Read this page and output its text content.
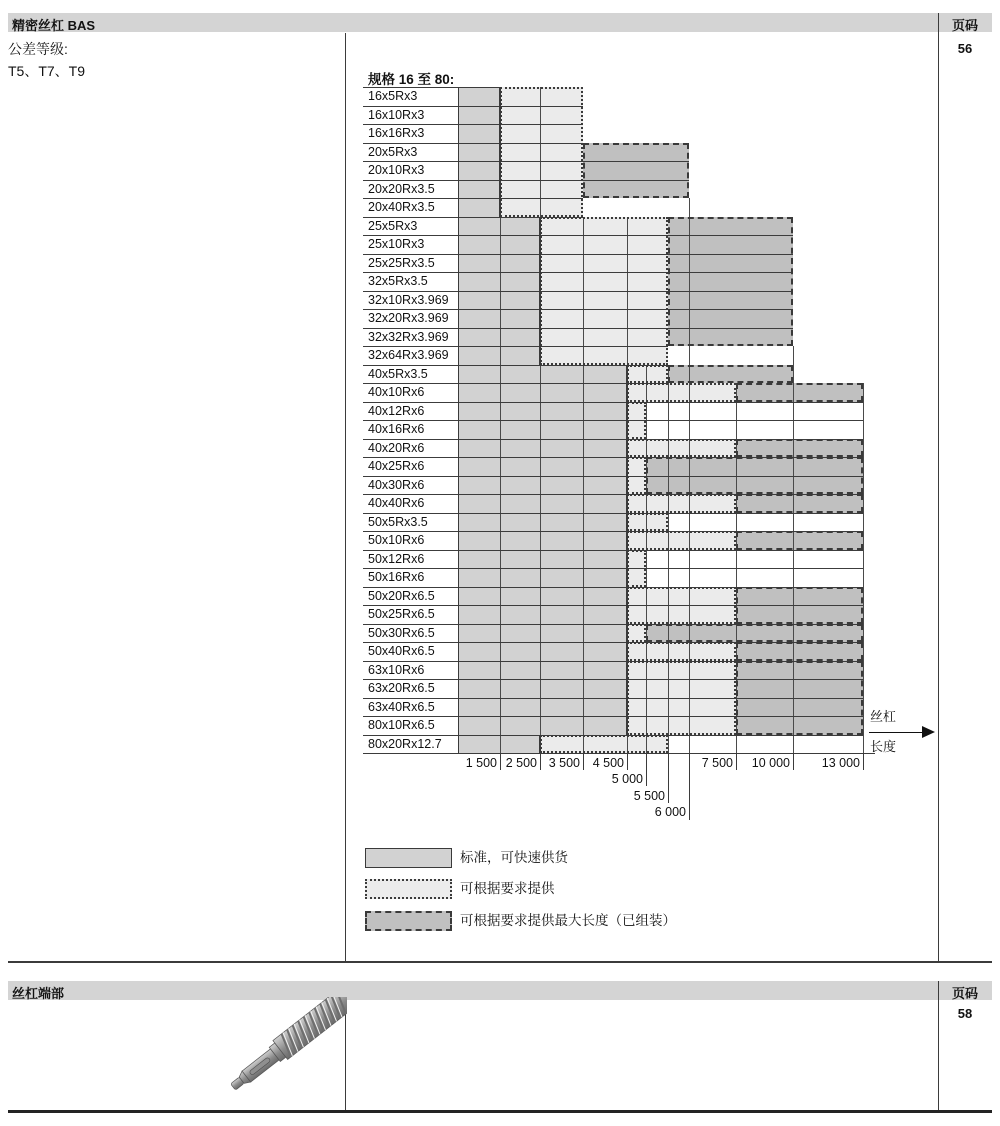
精密丝杠 BAS	页码
56
公差等级:
T5、T7、T9
规格 16 至 80:
16x5Rx3
16x10Rx3
16x16Rx3
20x5Rx3
20x10Rx3
20x20Rx3.5
20x40Rx3.5
25x5Rx3
25x10Rx3
25x25Rx3.5
32x5Rx3.5
32x10Rx3.969
32x20Rx3.969
32x32Rx3.969
32x64Rx3.969
40x5Rx3.5
40x10Rx6
40x12Rx6
40x16Rx6
40x20Rx6
40x25Rx6
40x30Rx6
40x40Rx6
50x5Rx3.5
50x10Rx6
50x12Rx6
50x16Rx6
50x20Rx6.5
50x25Rx6.5
50x30Rx6.5
50x40Rx6.5
63x10Rx6
63x20Rx6.5
63x40Rx6.5
80x10Rx6.5
80x20Rx12.7
1 500 2 500 3 500	4 500
5 000
5 500
6 000
7 500	10 000	13 000
丝杠
长度
标准，可快速供货
可根据要求提供
可根据要求提供最大长度（已组装）
丝杠端部	页码
58
